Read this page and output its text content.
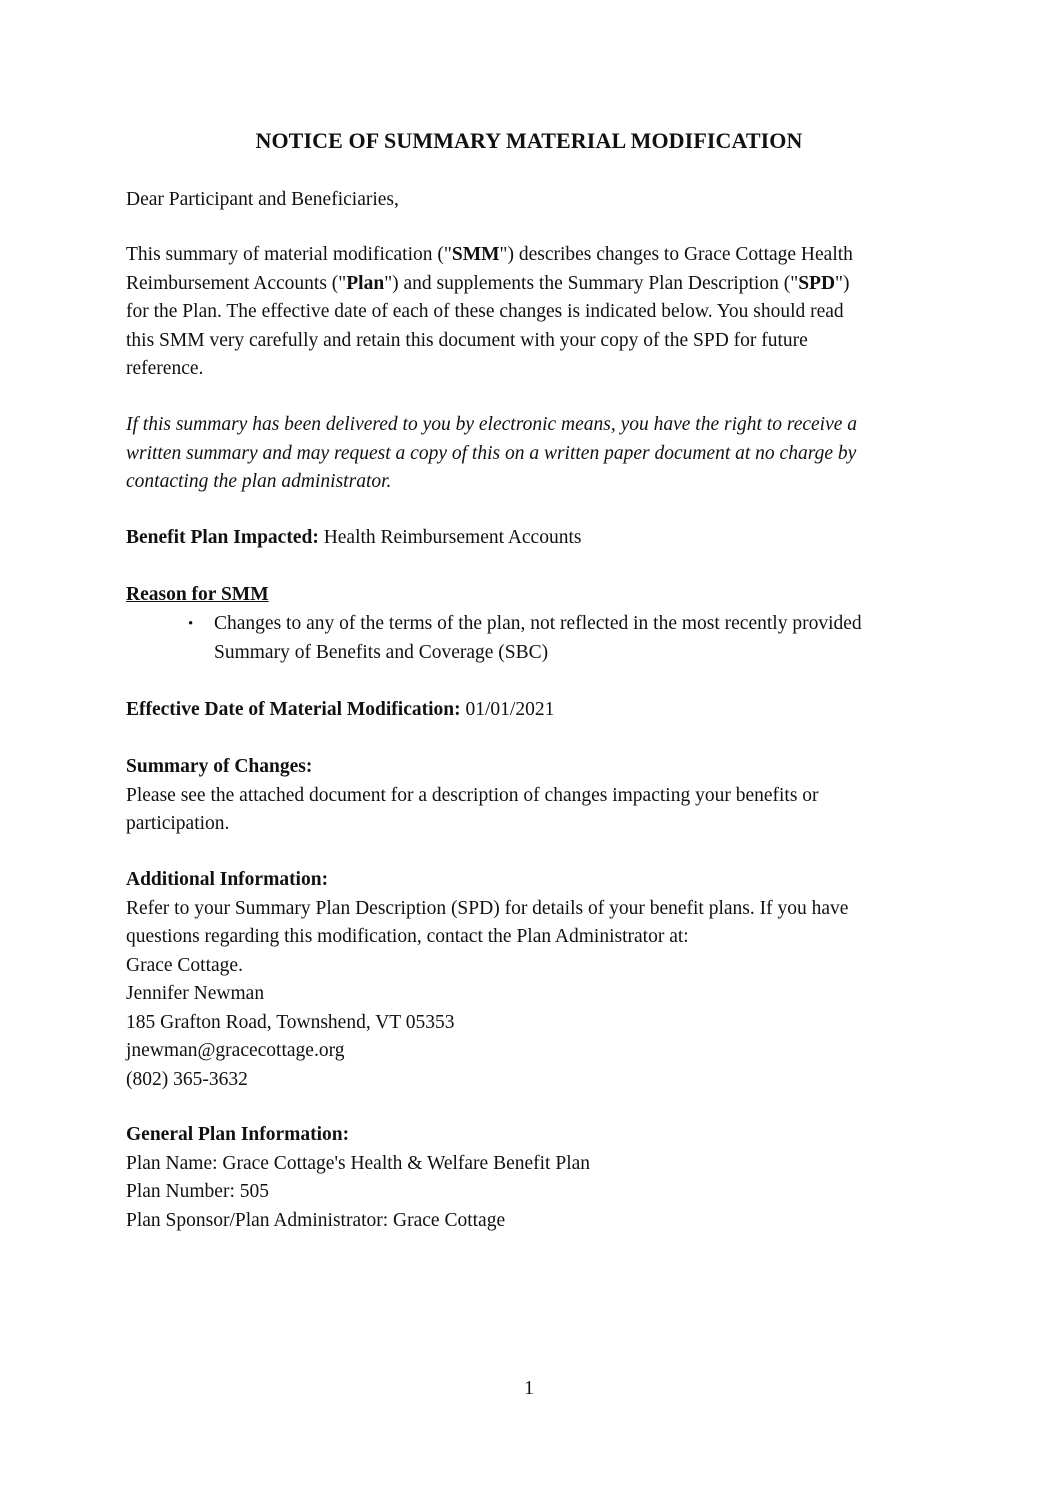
NOTICE OF SUMMARY MATERIAL MODIFICATION
Dear Participant and Beneficiaries,
This summary of material modification ("SMM") describes changes to Grace Cottage Health
Reimbursement Accounts ("Plan") and supplements the Summary Plan Description ("SPD")
for the Plan. The effective date of each of these changes is indicated below. You should read
this SMM very carefully and retain this document with your copy of the SPD for future
reference.
If this summary has been delivered to you by electronic means, you have the right to receive a
written summary and may request a copy of this on a written paper document at no charge by
contacting the plan administrator.
Benefit Plan Impacted: Health Reimbursement Accounts
Reason for SMM
•	Changes to any of the terms of the plan, not reflected in the most recently provided
Summary of Benefits and Coverage (SBC)
Effective Date of Material Modification: 01/01/2021
Summary of Changes:
Please see the attached document for a description of changes impacting your benefits or
participation.
Additional Information:
Refer to your Summary Plan Description (SPD) for details of your benefit plans. If you have
questions regarding this modification, contact the Plan Administrator at:
Grace Cottage.
Jennifer Newman
185 Grafton Road, Townshend, VT 05353
jnewman@gracecottage.org
(802) 365-3632
General Plan Information:
Plan Name: Grace Cottage's Health & Welfare Benefit Plan
Plan Number: 505
Plan Sponsor/Plan Administrator: Grace Cottage
1
